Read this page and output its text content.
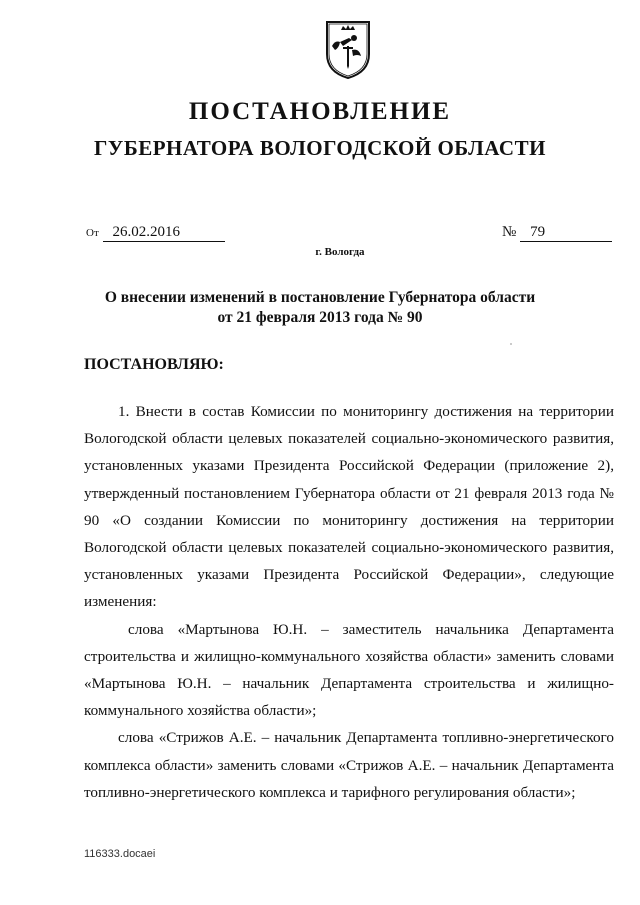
ПОСТАНОВЛЕНИЕ
ГУБЕРНАТОРА ВОЛОГОДСКОЙ ОБЛАСТИ
От 26.02.2016	№ 79
г. Вологда
О внесении изменений в постановление Губернатора области
от 21 февраля 2013 года № 90
ПОСТАНОВЛЯЮ:

1. Внести в состав Комиссии по мониторингу достижения на территории Вологодской области целевых показателей социально-экономического развития, установленных указами Президента Российской Федерации (приложение 2), утвержденный постановлением Губернатора области от 21 февраля 2013 года № 90 «О создании Комиссии по мониторингу достижения на территории Вологодской области целевых показателей социально-экономического развития, установленных указами Президента Российской Федерации», следующие изменения:

слова «Мартынова Ю.Н. – заместитель начальника Департамента строительства и жилищно-коммунального хозяйства области» заменить словами «Мартынова Ю.Н. – начальник Департамента строительства и жилищно-коммунального хозяйства области»;

слова «Стрижов А.Е. – начальник Департамента топливно-энергетического комплекса области» заменить словами «Стрижов А.Е. – начальник Департамента топливно-энергетического комплекса и тарифного регулирования области»;

116333.docaei
